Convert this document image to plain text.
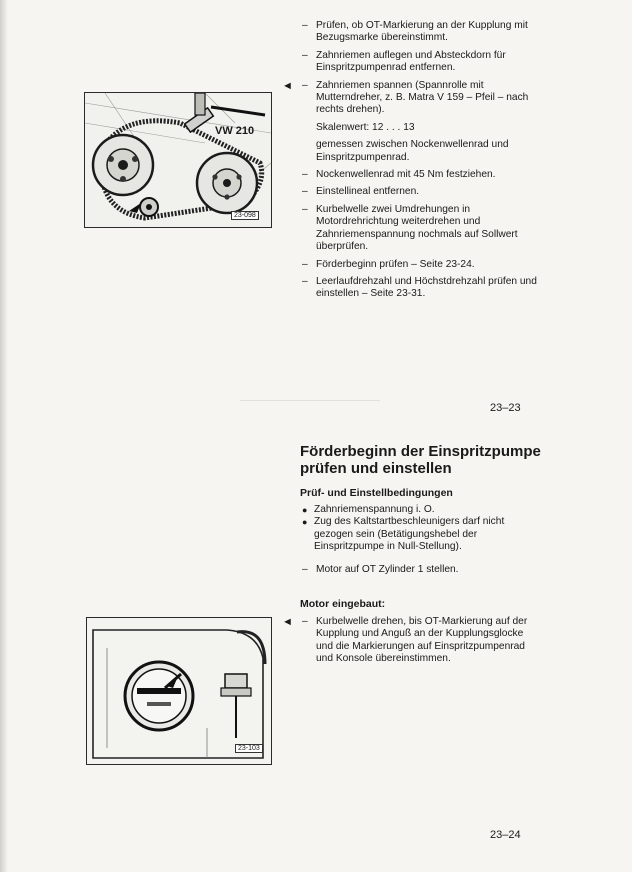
VW 210
23-098
– Prüfen, ob OT-Markierung an der Kupplung mit Bezugsmarke übereinstimmt.
– Zahnriemen auflegen und Absteckdorn für Einspritzpumpenrad entfernen.
◄ – Zahnriemen spannen (Spannrolle mit Mutterndreher, z. B. Matra V 159 – Pfeil – nach rechts drehen).
Skalenwert: 12 . . . 13
gemessen zwischen Nockenwellenrad und Einspritzpumpenrad.
– Nockenwellenrad mit 45 Nm festziehen.
– Einstellineal entfernen.
– Kurbelwelle zwei Umdrehungen in Motordrehrichtung weiterdrehen und Zahnriemenspannung nochmals auf Sollwert überprüfen.
– Förderbeginn prüfen – Seite 23-24.
– Leerlaufdrehzahl und Höchstdrehzahl prüfen und einstellen – Seite 23-31.
23–23
Förderbeginn der Einspritzpumpe prüfen und einstellen
Prüf- und Einstellbedingungen
● Zahnriemenspannung i. O.
● Zug des Kaltstartbeschleunigers darf nicht gezogen sein (Betätigungshebel der Einspritzpumpe in Null-Stellung).
– Motor auf OT Zylinder 1 stellen.
Motor eingebaut:
◄ – Kurbelwelle drehen, bis OT-Markierung auf der Kupplung und Anguß an der Kupplungsglocke und die Markierungen auf Einspritzpumpenrad und Konsole übereinstimmen.
23-103
23–24
